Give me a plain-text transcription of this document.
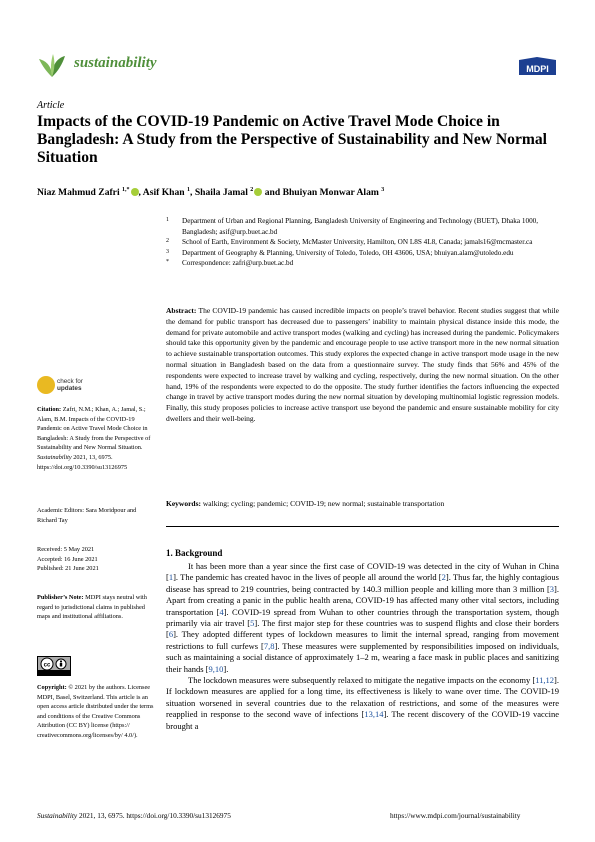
sustainability	MDPI
Article
Impacts of the COVID-19 Pandemic on Active Travel Mode Choice in Bangladesh: A Study from the Perspective of Sustainability and New Normal Situation
Niaz Mahmud Zafri $^{1,*}$ , Asif Khan $^1$, Shaila Jamal $^2$ and Bhuiyan Monwar Alam $^3$
1 Department of Urban and Regional Planning, Bangladesh University of Engineering and Technology (BUET), Dhaka 1000, Bangladesh; asif@urp.buet.ac.bd
2 School of Earth, Environment & Society, McMaster University, Hamilton, ON L8S 4L8, Canada; jamals16@mcmaster.ca
3 Department of Geography & Planning, University of Toledo, Toledo, OH 43606, USA; bhuiyan.alam@utoledo.edu
* Correspondence: zafri@urp.buet.ac.bd
Abstract: The COVID-19 pandemic has caused incredible impacts on people’s travel behavior. Recent studies suggest that while the demand for public transport has decreased due to passengers’ inability to maintain physical distance inside this mode, the demand for private automobile and active transport modes (walking and cycling) has increased during the pandemic. Policymakers should take this opportunity given by the pandemic and encourage people to use active transport more in the new normal situation to achieve sustainable transportation outcomes. This study explores the expected change in active transport mode usage in the new normal situation in Bangladesh based on the data from a questionnaire survey. The study finds that 56% and 45% of the respondents were expected to increase travel by walking and cycling, respectively, during the new normal situation. On the other hand, 19% of the respondents were expected to do the opposite. The study further identifies the factors influencing the expected change in travel by active transport modes during the new normal situation by developing multinomial logistic regression models. Finally, this study proposes policies to increase active transport use beyond the pandemic and ensure sustainable mobility for city dwellers and their well-being.
Keywords: walking; cycling; pandemic; COVID-19; new normal; sustainable transportation
1. Background

It has been more than a year since the first case of COVID-19 was detected in the city of Wuhan in China [1]. The pandemic has created havoc in the lives of people all around the world [2]. Thus far, the highly contagious disease has spread to 219 countries, being contracted by 140.3 million people and killing more than 3 million [3]. Apart from creating a panic in the public health arena, COVID-19 has affected many other vital sectors, including transportation [4]. COVID-19 spread from Wuhan to other countries through the transportation system, though primarily via air travel [5]. The first major step for these countries was to suspend flights and close their borders [6]. They adopted different types of lockdown measures to limit the internal spread, ranging from movement restrictions to full curfews [7,8]. These measures were supplemented by responsibilities imposed on individuals, such as maintaining a social distance of approximately 1–2 m, wearing a face mask in public places and sanitizing their hands [9,10].

The lockdown measures were subsequently relaxed to mitigate the negative impacts on the economy [11,12]. If lockdown measures are applied for a long time, its effectiveness is likely to wane over time. The COVID-19 situation worsened in several countries due to the relaxation of restrictions, and some of the measures were reapplied in response to the second wave of infections [13,14]. The recent discovery of the COVID-19 vaccine brought a

check for
updates
Citation: Zafri, N.M.; Khan, A.; Jamal, S.; Alam, B.M. Impacts of the COVID-19 Pandemic on Active Travel Mode Choice in Bangladesh: A Study from the Perspective of Sustainability and New Normal Situation. Sustainability 2021, 13, 6975. https://doi.org/10.3390/su13126975
Academic Editors: Sara Moridpour and Richard Tay
Received: 5 May 2021
Accepted: 16 June 2021
Published: 21 June 2021
Publisher’s Note: MDPI stays neutral with regard to jurisdictional claims in published maps and institutional affiliations.
cc
Copyright: © 2021 by the authors. Licensee MDPI, Basel, Switzerland. This article is an open access article distributed under the terms and conditions of the Creative Commons Attribution (CC BY) license (https:// creativecommons.org/licenses/by/ 4.0/).
Sustainability 2021, 13, 6975. https://doi.org/10.3390/su13126975	https://www.mdpi.com/journal/sustainability
